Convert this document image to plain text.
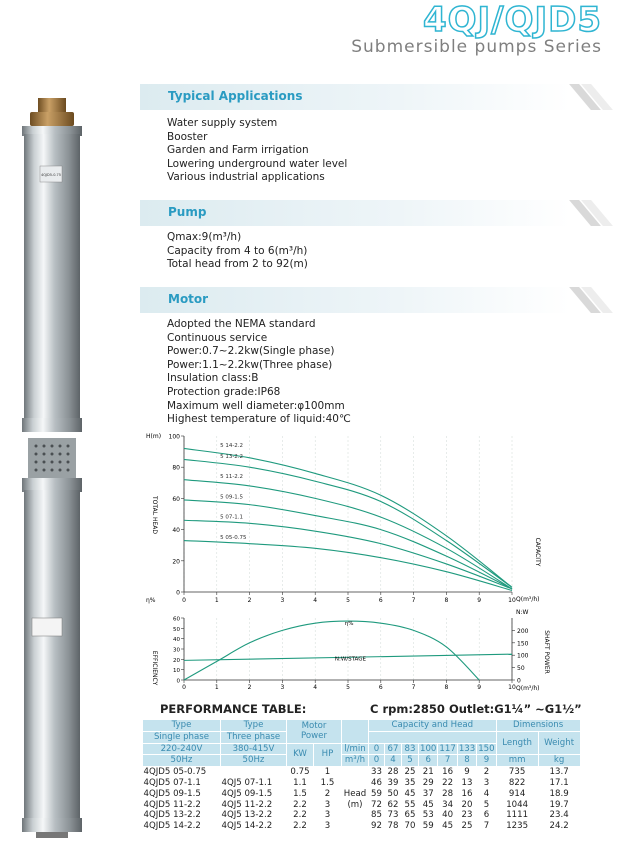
4QJ/QJD5
Submersible pumps Series
4QJD5-0.75
Typical Applications
Water supply system
Booster
Garden and Farm irrigation
Lowering underground water level
Various industrial applications
Pump
Qmax:9(m³/h)
Capacity from 4 to 6(m³/h)
Total head from 2 to 92(m)
Motor
Adopted the NEMA standard
Continuous service
Power:0.7~2.2kw(Single phase)
Power:1.1~2.2kw(Three phase)
Insulation class:B
Protection grade:IP68
Maximum well diameter:φ100mm
Highest temperature of liquid:40℃
0
20
40
60
80
100
0	1	2	3	4	5	6	7	8	9	10
H(m)
TOTAL HEAD
Q(m³/h)
CAPACITY
5 14-2.2
5 13-2.2
5 11-2.2
5 09-1.5
5 07-1.1
5 05-0.75
0
10
20
30
40
50
60
0
50
100
150
200
0	1	2	3	4	5	6	7	8	9	10
η%
EFFICIENCY
Q(m³/h)
N:W
SHAFT POWER
η%
N:W/STAGE
PERFORMANCE TABLE:	C rpm:2850 Outlet:G1¼” ~G1½”
Type	Type	Motor
Power			Capacity and Head							Dimensions	
Single phase	Three phase											Length	Weight
220-240V	380-415V	KW	HP	l/min	0	67	83	100	117	133	150		
50Hz	50Hz			m³/h	0	4	5	6	7	8	9	mm	kg
4QJD5 05-0.75		0.75	1		33	28	25	21	16	9	2	735	13.7
4QJD5 07-1.1	4QJ5 07-1.1	1.1	1.5		46	39	35	29	22	13	3	822	17.1
4QJD5 09-1.5	4QJ5 09-1.5	1.5	2	Head	59	50	45	37	28	16	4	914	18.9
4QJD5 11-2.2	4QJ5 11-2.2	2.2	3	(m)	72	62	55	45	34	20	5	1044	19.7
4QJD5 13-2.2	4QJ5 13-2.2	2.2	3		85	73	65	53	40	23	6	1111	23.4
4QJD5 14-2.2	4QJ5 14-2.2	2.2	3		92	78	70	59	45	25	7	1235	24.2
